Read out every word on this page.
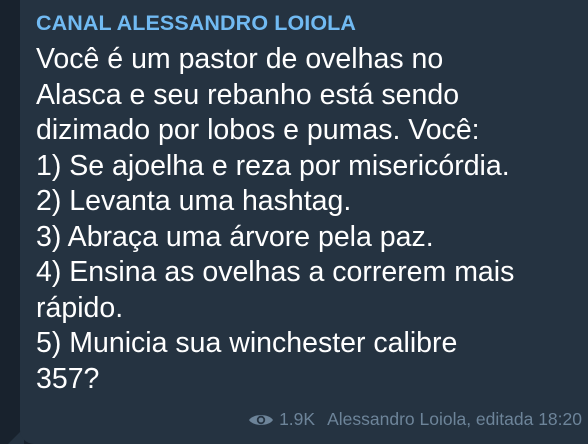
CANAL ALESSANDRO LOIOLA
Você é um pastor de ovelhas no
Alasca e seu rebanho está sendo
dizimado por lobos e pumas. Você:
1) Se ajoelha e reza por misericórdia.
2) Levanta uma hashtag.
3) Abraça uma árvore pela paz.
4) Ensina as ovelhas a correrem mais
rápido.
5) Municia sua winchester calibre
357?
1.9K Alessandro Loiola, editada 18:20
